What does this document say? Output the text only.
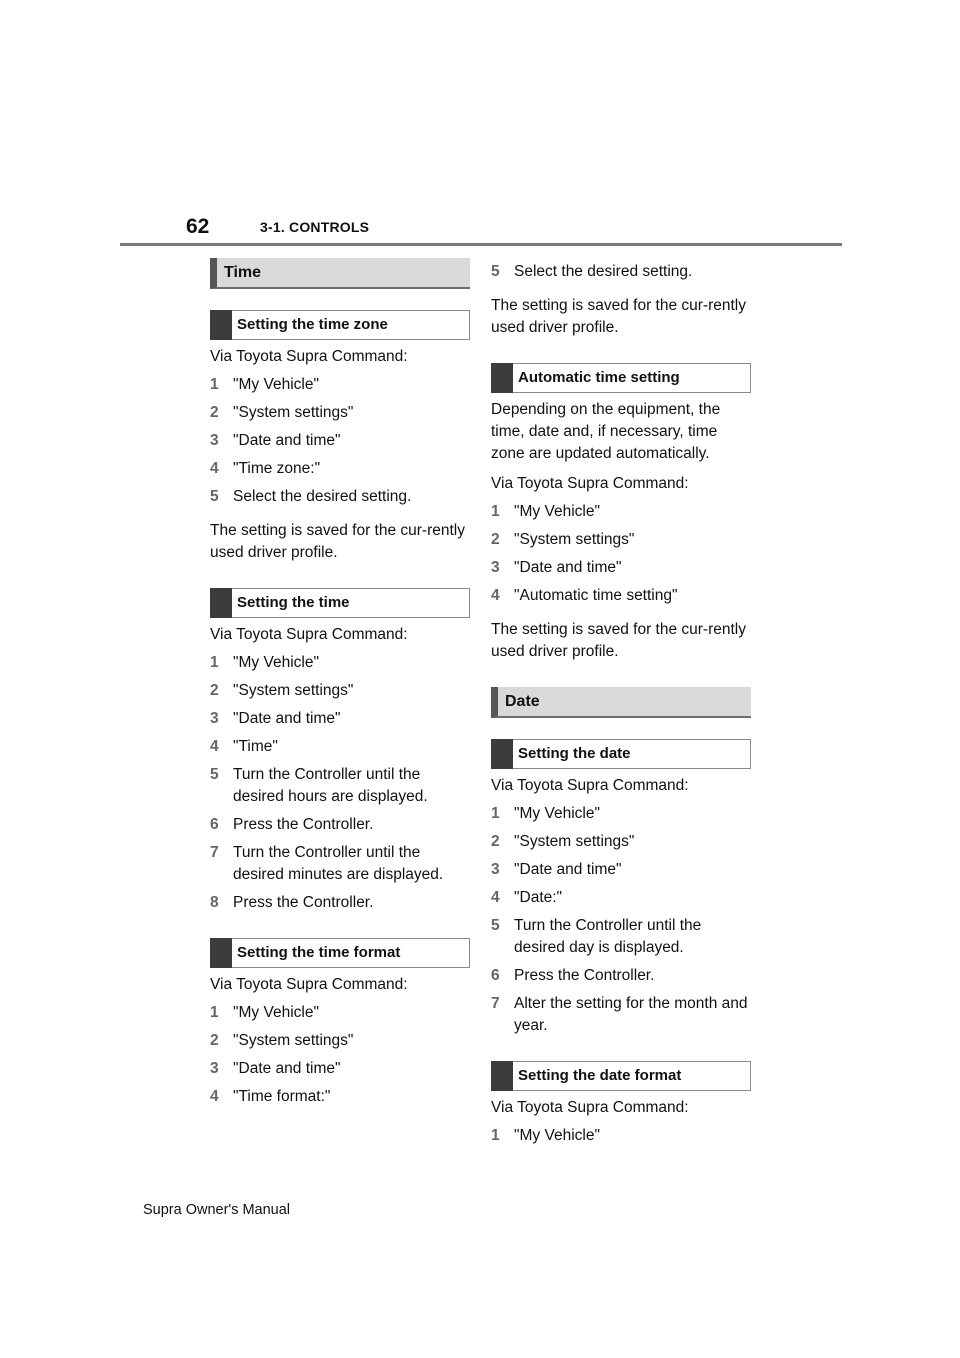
62	3-1. CONTROLS
Time
Setting the time zone
Via Toyota Supra Command:
1 "My Vehicle"
2 "System settings"
3 "Date and time"
4 "Time zone:"
5 Select the desired setting.
The setting is saved for the cur-rently used driver profile.
Setting the time
Via Toyota Supra Command:
1 "My Vehicle"
2 "System settings"
3 "Date and time"
4 "Time"
5 Turn the Controller until the desired hours are displayed.
6 Press the Controller.
7 Turn the Controller until the desired minutes are displayed.
8 Press the Controller.
Setting the time format
Via Toyota Supra Command:
1 "My Vehicle"
2 "System settings"
3 "Date and time"
4 "Time format:"
5 Select the desired setting.
The setting is saved for the cur-rently used driver profile.
Automatic time setting
Depending on the equipment, the time, date and, if necessary, time zone are updated automatically.
Via Toyota Supra Command:
1 "My Vehicle"
2 "System settings"
3 "Date and time"
4 "Automatic time setting"
The setting is saved for the cur-rently used driver profile.
Date
Setting the date
Via Toyota Supra Command:
1 "My Vehicle"
2 "System settings"
3 "Date and time"
4 "Date:"
5 Turn the Controller until the desired day is displayed.
6 Press the Controller.
7 Alter the setting for the month and year.
Setting the date format
Via Toyota Supra Command:
1 "My Vehicle"
Supra Owner's Manual
